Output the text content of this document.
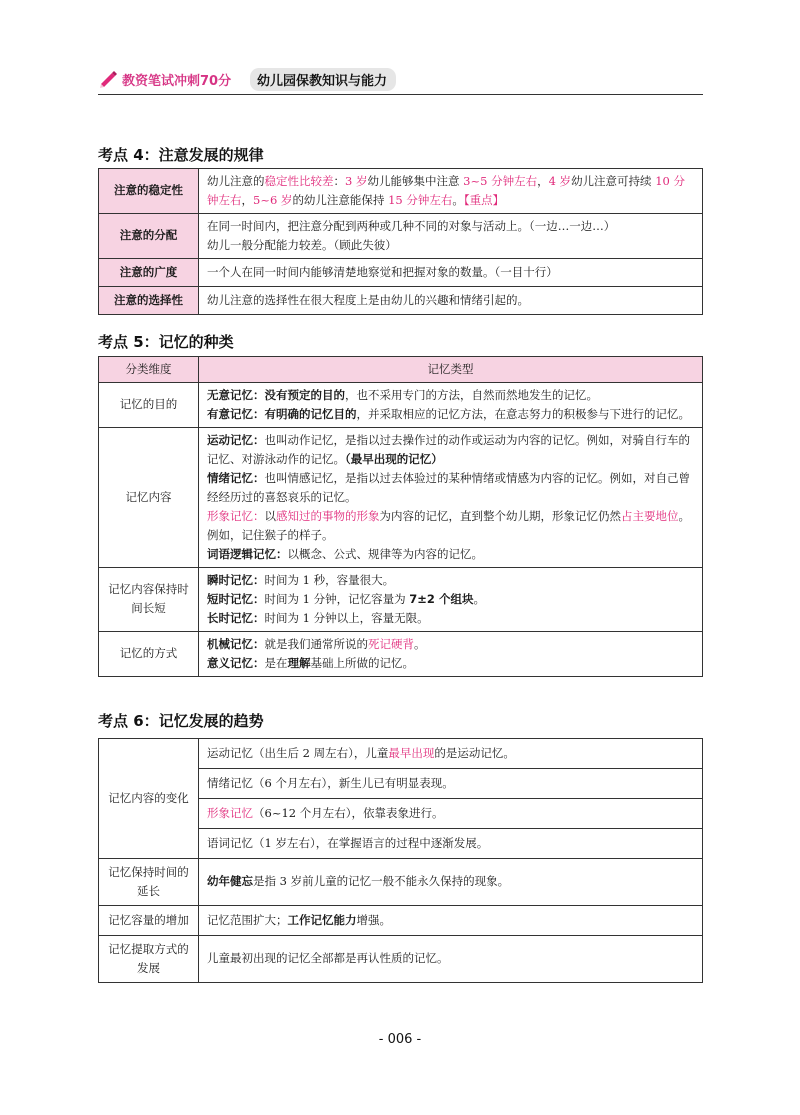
教资笔试冲刺70分	幼儿园保教知识与能力
考点 4：注意发展的规律
注意的稳定性	幼儿注意的稳定性比较差：3 岁幼儿能够集中注意 3~5 分钟左右，4 岁幼儿注意可持续 10 分钟左右，5~6 岁的幼儿注意能保持 15 分钟左右。【重点】
注意的分配	在同一时间内，把注意分配到两种或几种不同的对象与活动上。（一边…一边…）
幼儿一般分配能力较差。（顾此失彼）

注意的广度	一个人在同一时间内能够清楚地察觉和把握对象的数量。（一目十行）
注意的选择性	幼儿注意的选择性在很大程度上是由幼儿的兴趣和情绪引起的。
考点 5：记忆的种类
分类维度	记忆类型
记忆的目的	无意记忆：没有预定的目的，也不采用专门的方法，自然而然地发生的记忆。
有意记忆：有明确的记忆目的，并采取相应的记忆方法，在意志努力的积极参与下进行的记忆。

记忆内容	运动记忆：也叫动作记忆，是指以过去操作过的动作或运动为内容的记忆。例如，对骑自行车的记忆、对游泳动作的记忆。（最早出现的记忆）
情绪记忆：也叫情感记忆，是指以过去体验过的某种情绪或情感为内容的记忆。例如，对自己曾经经历过的喜怒哀乐的记忆。
形象记忆：以感知过的事物的形象为内容的记忆，直到整个幼儿期，形象记忆仍然占主要地位。例如，记住猴子的样子。
词语逻辑记忆：以概念、公式、规律等为内容的记忆。

记忆内容保持时间长短	瞬时记忆：时间为 1 秒，容量很大。
短时记忆：时间为 1 分钟，记忆容量为 7±2 个组块。
长时记忆：时间为 1 分钟以上，容量无限。

记忆的方式	机械记忆：就是我们通常所说的死记硬背。
意义记忆：是在理解基础上所做的记忆。
考点 6：记忆发展的趋势
记忆内容的变化	运动记忆（出生后 2 周左右），儿童最早出现的是运动记忆。
	情绪记忆（6 个月左右），新生儿已有明显表现。
	形象记忆（6~12 个月左右），依靠表象进行。
	语词记忆（1 岁左右），在掌握语言的过程中逐渐发展。
记忆保持时间的延长	幼年健忘是指 3 岁前儿童的记忆一般不能永久保持的现象。
记忆容量的增加	记忆范围扩大；工作记忆能力增强。
记忆提取方式的发展	儿童最初出现的记忆全部都是再认性质的记忆。
- 006 -
